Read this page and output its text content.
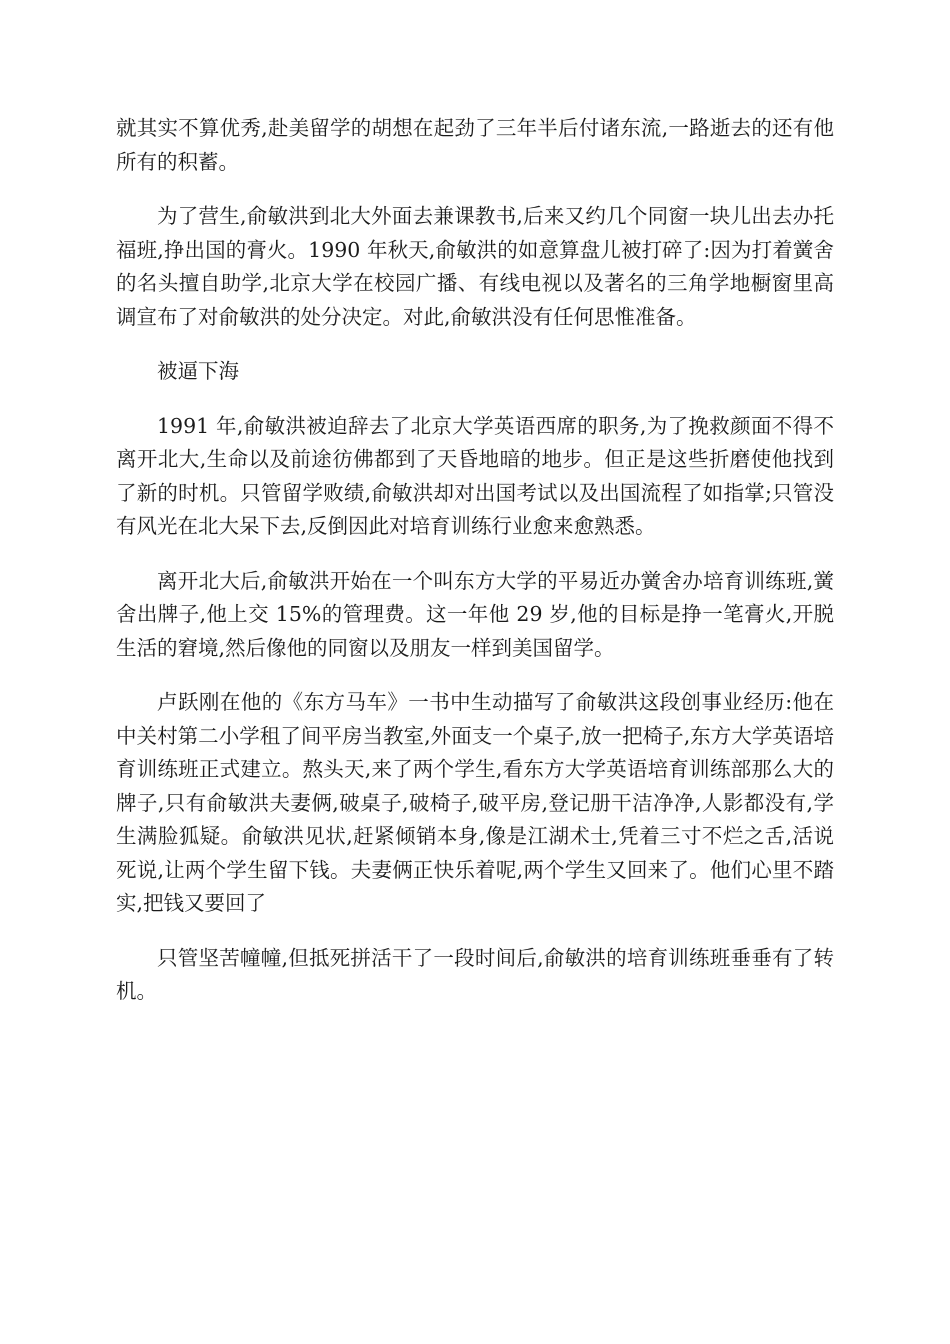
就其实不算优秀,赴美留学的胡想在起劲了三年半后付诸东流,一路逝去的还有他所有的积蓄。

为了营生,俞敏洪到北大外面去兼课教书,后来又约几个同窗一块儿出去办托福班,挣出国的膏火。1990 年秋天,俞敏洪的如意算盘儿被打碎了:因为打着黉舍的名头擅自助学,北京大学在校园广播、有线电视以及著名的三角学地橱窗里高调宣布了对俞敏洪的处分决定。对此,俞敏洪没有任何思惟准备。

被逼下海

1991 年,俞敏洪被迫辞去了北京大学英语西席的职务,为了挽救颜面不得不离开北大,生命以及前途彷佛都到了天昏地暗的地步。但正是这些折磨使他找到了新的时机。只管留学败绩,俞敏洪却对出国考试以及出国流程了如指掌;只管没有风光在北大呆下去,反倒因此对培育训练行业愈来愈熟悉。

离开北大后,俞敏洪开始在一个叫东方大学的平易近办黉舍办培育训练班,黉舍出牌子,他上交 15%的管理费。这一年他 29 岁,他的目标是挣一笔膏火,开脱生活的窘境,然后像他的同窗以及朋友一样到美国留学。

卢跃刚在他的《东方马车》一书中生动描写了俞敏洪这段创事业经历:他在中关村第二小学租了间平房当教室,外面支一个桌子,放一把椅子,东方大学英语培育训练班正式建立。熬头天,来了两个学生,看东方大学英语培育训练部那么大的牌子,只有俞敏洪夫妻俩,破桌子,破椅子,破平房,登记册干洁净净,人影都没有,学生满脸狐疑。俞敏洪见状,赶紧倾销本身,像是江湖术士,凭着三寸不烂之舌,活说死说,让两个学生留下钱。夫妻俩正快乐着呢,两个学生又回来了。他们心里不踏实,把钱又要回了

只管坚苦幢幢,但抵死拼活干了一段时间后,俞敏洪的培育训练班垂垂有了转机。
